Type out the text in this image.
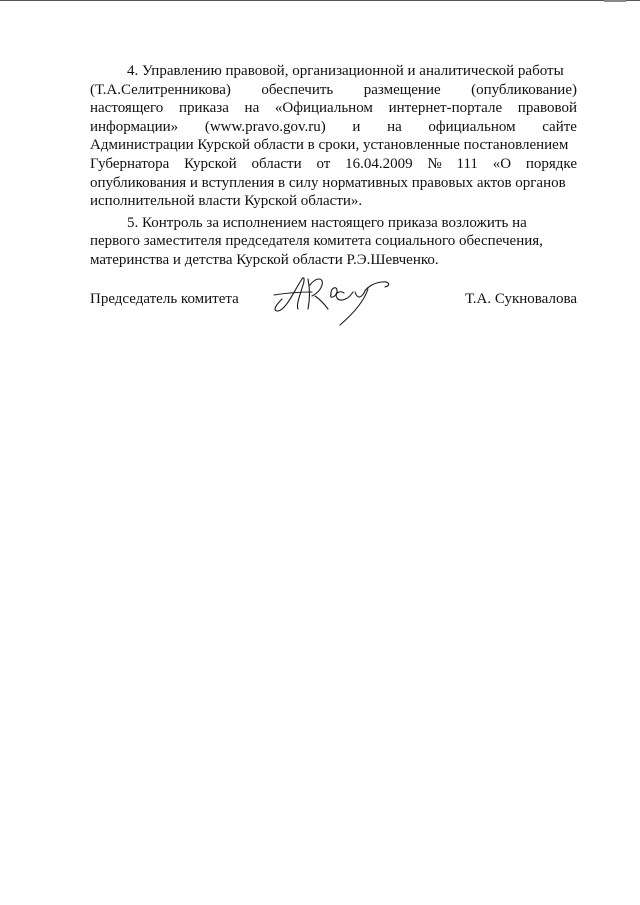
4. Управлению правовой, организационной и аналитической работы
(Т.А.Селитренникова) обеспечить размещение (опубликование)
настоящего приказа на «Официальном интернет-портале правовой
информации» (www.pravo.gov.ru) и на официальном сайте
Администрации Курской области в сроки, установленные постановлением
Губернатора Курской области от 16.04.2009 № 111 «О порядке
опубликования и вступления в силу нормативных правовых актов органов
исполнительной власти Курской области».
5. Контроль за исполнением настоящего приказа возложить на
первого заместителя председателя комитета социального обеспечения,
материнства и детства Курской области Р.Э.Шевченко.
Председатель комитета	Т.А. Сукновалова
